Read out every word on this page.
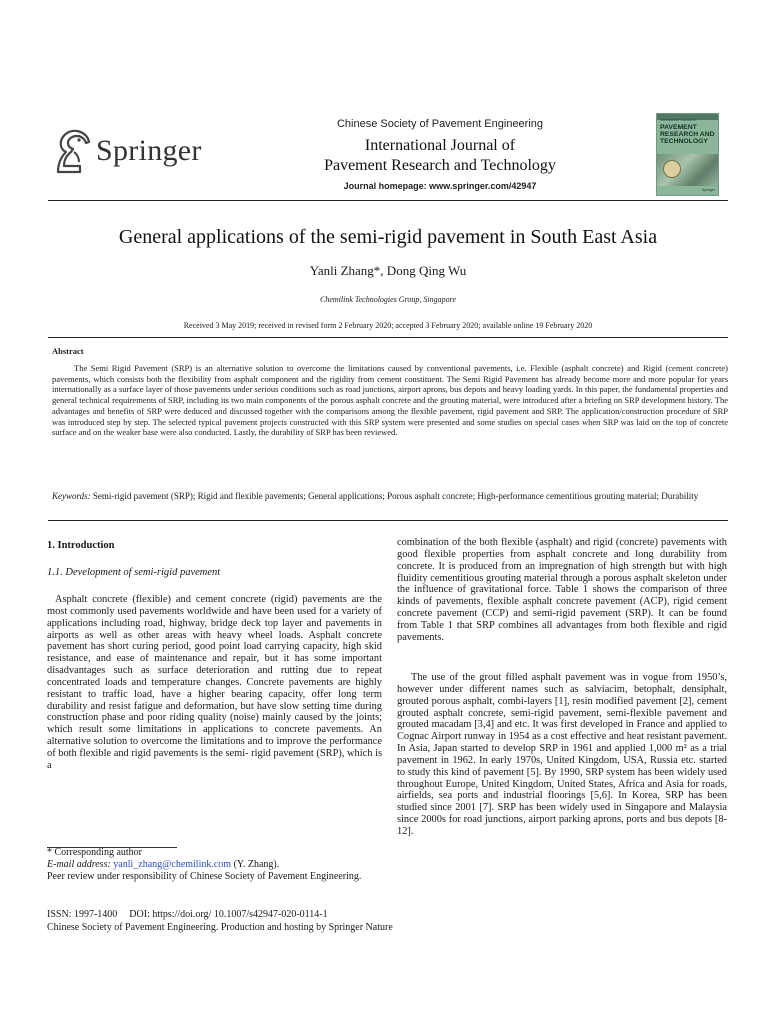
Springer
Chinese Society of Pavement Engineering
International Journal of
Pavement Research and Technology
Journal homepage: www.springer.com/42947
International Journal of
PAVEMENT
RESEARCH AND
TECHNOLOGY
Springer
General applications of the semi-rigid pavement in South East Asia
Yanli Zhang*, Dong Qing Wu
Chemilink Technologies Group, Singapore
Received 3 May 2019; received in revised form 2 February 2020; accepted 3 February 2020; available online 19 February 2020
Abstract
The Semi Rigid Pavement (SRP) is an alternative solution to overcome the limitations caused by conventional pavements, i.e. Flexible (asphalt concrete) and Rigid (cement concrete) pavements, which consists both the flexibility from asphalt component and the rigidity from cement constituent. The Semi Rigid Pavement has already become more and more popular for years internationally as a surface layer of those pavements under serious conditions such as road junctions, airport aprons, bus depots and heavy loading yards. In this paper, the fundamental properties and general technical requirements of SRP, including its two main components of the porous asphalt concrete and the grouting material, were introduced after a briefing on SRP development history. The advantages and benefits of SRP were deduced and discussed together with the comparisons among the flexible pavement, rigid pavement and SRP. The application/construction procedure of SRP was introduced step by step. The selected typical pavement projects constructed with this SRP system were presented and some studies on special cases when SRP was laid on the top of concrete surface and on the weaker base were also conducted. Lastly, the durability of SRP has been reviewed.
Keywords: Semi-rigid pavement (SRP); Rigid and flexible pavements; General applications; Porous asphalt concrete; High-performance cementitious grouting material; Durability
1. Introduction
1.1. Development of semi-rigid pavement
Asphalt concrete (flexible) and cement concrete (rigid) pavements are the most commonly used pavements worldwide and have been used for a variety of applications including road, highway, bridge deck top layer and pavements in airports as well as other areas with heavy wheel loads. Asphalt concrete pavement has short curing period, good point load carrying capacity, high skid resistance, and ease of maintenance and repair, but it has some important disadvantages such as surface deterioration and rutting due to repeat concentrated loads and temperature changes. Concrete pavements are highly resistant to traffic load, have a higher bearing capacity, offer long term durability and resist fatigue and deformation, but have slow setting time during construction phase and poor riding quality (noise) mainly caused by the joints; which result some limitations in applications to concrete pavements. An alternative solution to overcome the limitations and to improve the performance of both flexible and rigid pavements is the semi- rigid pavement (SRP), which is a
combination of the both flexible (asphalt) and rigid (concrete) pavements with good flexible properties from asphalt concrete and long durability from concrete. It is produced from an impregnation of high strength but with high fluidity cementitious grouting material through a porous asphalt skeleton under the influence of gravitational force. Table 1 shows the comparison of three kinds of pavements, flexible asphalt concrete pavement (ACP), rigid cement concrete pavement (CCP) and semi-rigid pavement (SRP). It can be found from Table 1 that SRP combines all advantages from both flexible and rigid pavements.
The use of the grout filled asphalt pavement was in vogue from 1950’s, however under different names such as salviacim, betophalt, densiphalt, grouted porous asphalt, combi-layers [1], resin modified pavement [2], cement grouted asphalt concrete, semi-rigid pavement, semi-flexible pavement and grouted macadam [3,4] and etc. It was first developed in France and applied to Cognac Airport runway in 1954 as a cost effective and heat resistant pavement. In Asia, Japan started to develop SRP in 1961 and applied 1,000 m² as a trial pavement in 1962. In early 1970s, United Kingdom, USA, Russia etc. started to study this kind of pavement [5]. By 1990, SRP system has been widely used throughout Europe, United Kingdom, United States, Africa and Asia for roads, airfields, sea ports and industrial floorings [5,6]. In Korea, SRP has been studied since 2001 [7]. SRP has been widely used in Singapore and Malaysia since 2000s for road junctions, airport parking aprons, ports and bus depots [8-12].
* Corresponding author
E-mail address: yanli_zhang@chemilink.com (Y. Zhang).
Peer review under responsibility of Chinese Society of Pavement Engineering.
ISSN: 1997-1400 DOI: https://doi.org/ 10.1007/s42947-020-0114-1
Chinese Society of Pavement Engineering. Production and hosting by Springer Nature
